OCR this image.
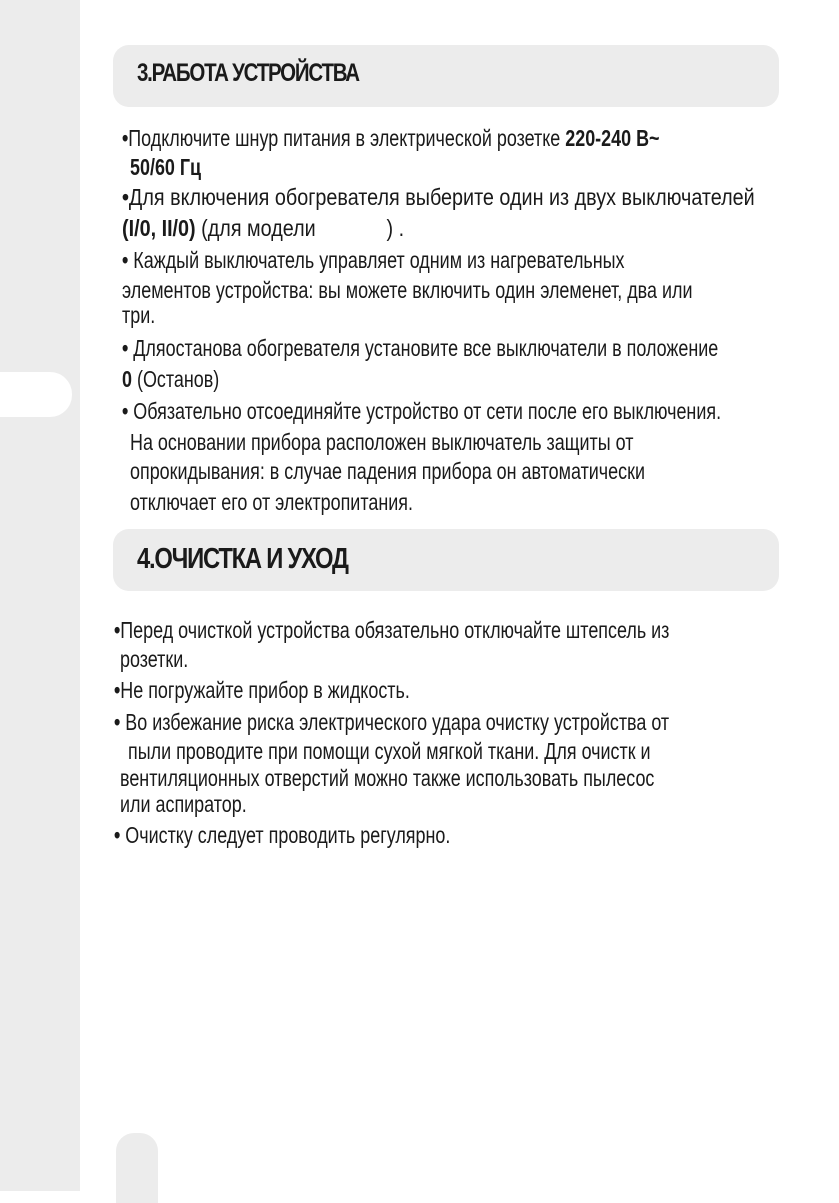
3.РАБОТА УСТРОЙСТВА
•Подключите шнур питания в электрической розетке 220-240 В~
50/60 Гц
•Для включения обогревателя выберите один из двух выключателей
(I/0, II/0) (для модели	) .
• Каждый выключатель управляет одним из нагревательных
элементов устройства: вы можете включить один элеменет, два или
три.
• Дляостанова обогревателя установите все выключатели в положение
0 (Останов)
• Обязательно отсоединяйте устройство от сети после его выключения.
На основании прибора расположен выключатель защиты от
опрокидывания: в случае падения прибора он автоматически
отключает его от электропитания.
4.ОЧИСТКА И УХОД
•Перед очисткой устройства обязательно отключайте штепсель из
розетки.
•Не погружайте прибор в жидкость.
• Во избежание риска электрического удара очистку устройства от
пыли проводите при помощи сухой мягкой ткани. Для очистк и
вентиляционных отверстий можно также использовать пылесос
или аспиратор.
• Очистку следует проводить регулярно.
